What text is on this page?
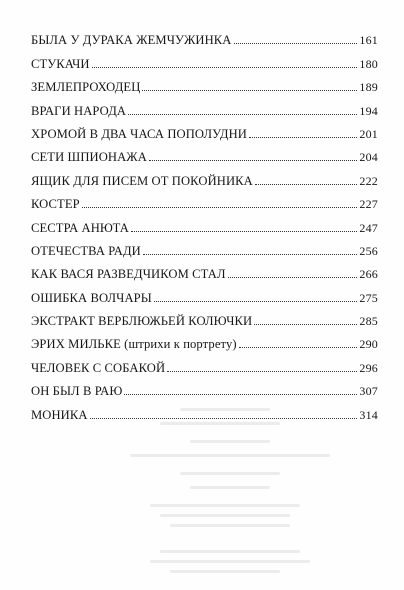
БЫЛА У ДУРАКА ЖЕМЧУЖИНКА	161
СТУКАЧИ	180
ЗЕМЛЕПРОХОДЕЦ	189
ВРАГИ НАРОДА	194
ХРОМОЙ В ДВА ЧАСА ПОПОЛУДНИ	201
СЕТИ ШПИОНАЖА	204
ЯЩИК ДЛЯ ПИСЕМ ОТ ПОКОЙНИКА	222
КОСТЕР	227
СЕСТРА АНЮТА	247
ОТЕЧЕСТВА РАДИ	256
КАК ВАСЯ РАЗВЕДЧИКОМ СТАЛ	266
ОШИБКА ВОЛЧАРЫ	275
ЭКСТРАКТ ВЕРБЛЮЖЬЕЙ КОЛЮЧКИ	285
ЭРИХ МИЛЬКЕ (штрихи к портрету)	290
ЧЕЛОВЕК С СОБАКОЙ	296
ОН БЫЛ В РАЮ	307
МОНИКА	314
